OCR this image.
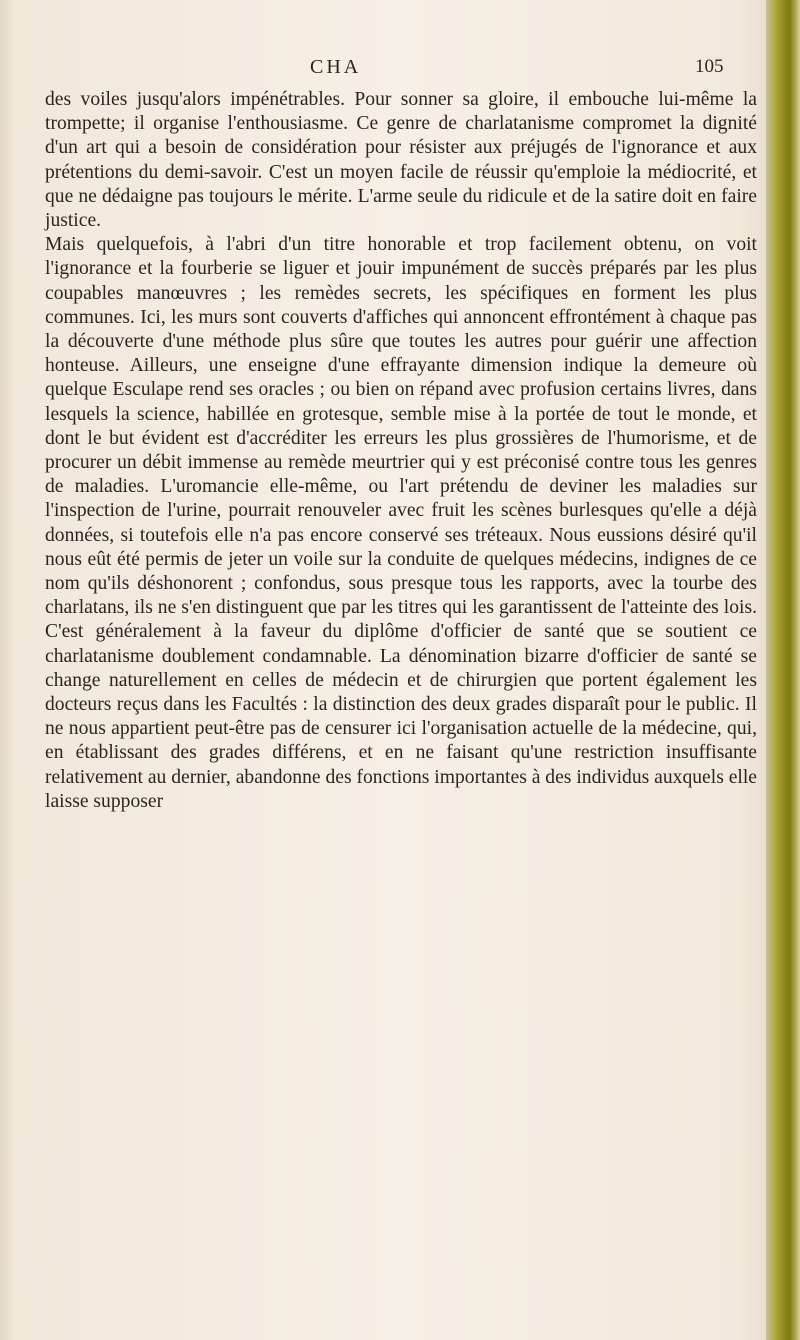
CHA	105

des voiles jusqu'alors impénétrables. Pour sonner sa gloire, il embouche lui-même la trompette; il organise l'enthousiasme. Ce genre de charlatanisme compromet la dignité d'un art qui a besoin de considération pour résister aux préjugés de l'ignorance et aux prétentions du demi-savoir. C'est un moyen facile de réussir qu'emploie la médiocrité, et que ne dédaigne pas toujours le mérite. L'arme seule du ridicule et de la satire doit en faire justice.

Mais quelquefois, à l'abri d'un titre honorable et trop facilement obtenu, on voit l'ignorance et la fourberie se liguer et jouir impunément de succès préparés par les plus coupables manœuvres ; les remèdes secrets, les spécifiques en forment les plus communes. Ici, les murs sont couverts d'affiches qui annoncent effrontément à chaque pas la découverte d'une méthode plus sûre que toutes les autres pour guérir une affection honteuse. Ailleurs, une enseigne d'une effrayante dimension indique la demeure où quelque Esculape rend ses oracles ; ou bien on répand avec profusion certains livres, dans lesquels la science, habillée en grotesque, semble mise à la portée de tout le monde, et dont le but évident est d'accréditer les erreurs les plus grossières de l'humorisme, et de procurer un débit immense au remède meurtrier qui y est préconisé contre tous les genres de maladies. L'uromancie elle-même, ou l'art prétendu de deviner les maladies sur l'inspection de l'urine, pourrait renouveler avec fruit les scènes burlesques qu'elle a déjà données, si toutefois elle n'a pas encore conservé ses tréteaux. Nous eussions désiré qu'il nous eût été permis de jeter un voile sur la conduite de quelques médecins, indignes de ce nom qu'ils déshonorent ; confondus, sous presque tous les rapports, avec la tourbe des charlatans, ils ne s'en distinguent que par les titres qui les garantissent de l'atteinte des lois. C'est généralement à la faveur du diplôme d'officier de santé que se soutient ce charlatanisme doublement condamnable. La dénomination bizarre d'officier de santé se change naturellement en celles de médecin et de chirurgien que portent également les docteurs reçus dans les Facultés : la distinction des deux grades disparaît pour le public. Il ne nous appartient peut-être pas de censurer ici l'organisation actuelle de la médecine, qui, en établissant des grades différens, et en ne faisant qu'une restriction insuffisante relativement au dernier, abandonne des fonctions importantes à des individus auxquels elle laisse supposer
